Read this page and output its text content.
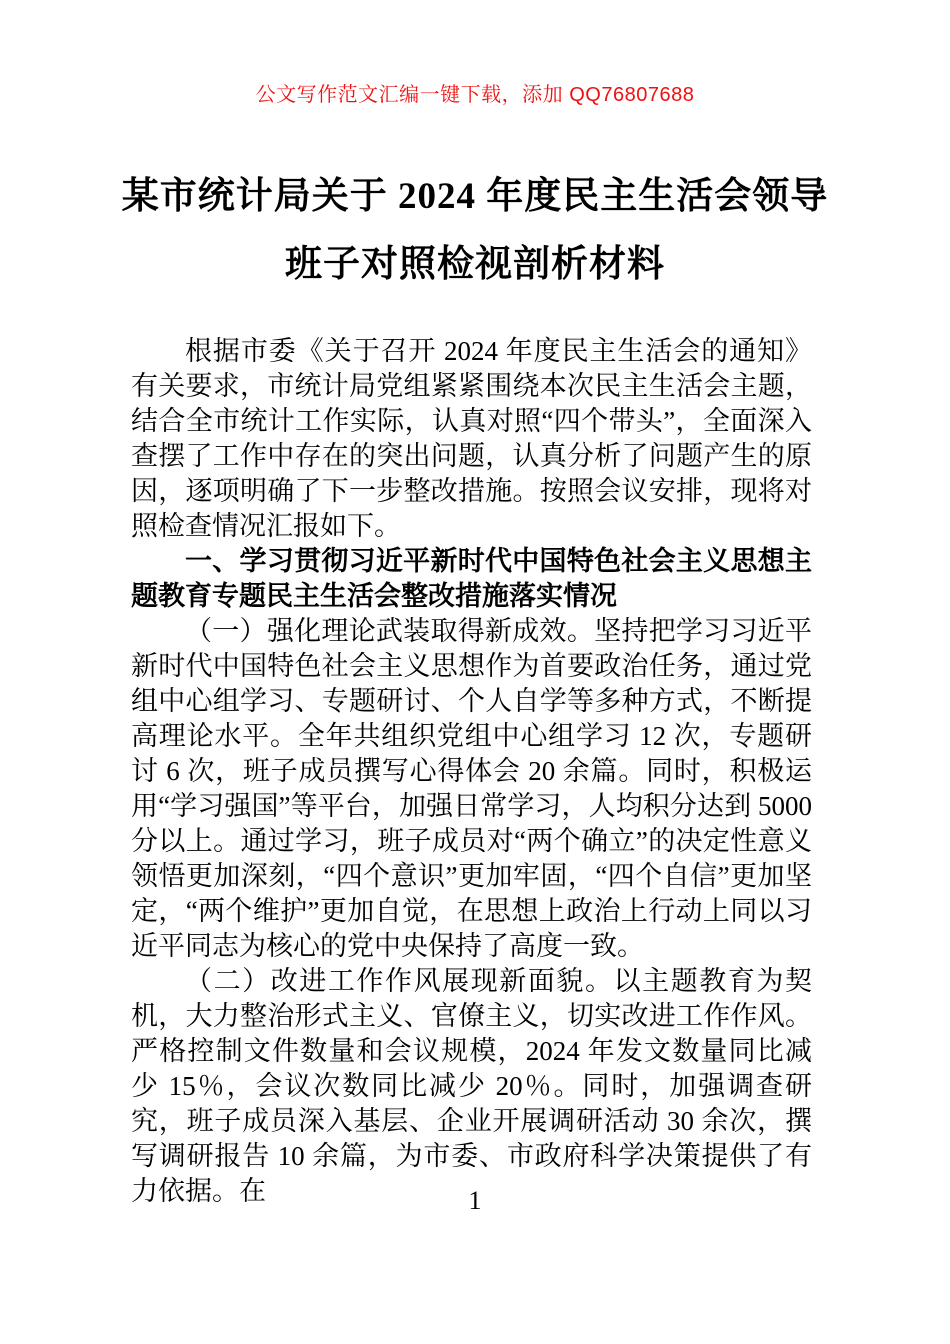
公文写作范文汇编一键下载，添加 QQ76807688
某市统计局关于 2024 年度民主生活会领导
班子对照检视剖析材料

根据市委《关于召开 2024 年度民主生活会的通知》有关要求，市统计局党组紧紧围绕本次民主生活会主题，结合全市统计工作实际，认真对照“四个带头”，全面深入查摆了工作中存在的突出问题，认真分析了问题产生的原因，逐项明确了下一步整改措施。按照会议安排，现将对照检查情况汇报如下。

一、学习贯彻习近平新时代中国特色社会主义思想主题教育专题民主生活会整改措施落实情况

（一）强化理论武装取得新成效。坚持把学习习近平新时代中国特色社会主义思想作为首要政治任务，通过党组中心组学习、专题研讨、个人自学等多种方式，不断提高理论水平。全年共组织党组中心组学习 12 次，专题研讨 6 次，班子成员撰写心得体会 20 余篇。同时，积极运用“学习强国”等平台，加强日常学习，人均积分达到 5000 分以上。通过学习，班子成员对“两个确立”的决定性意义领悟更加深刻，“四个意识”更加牢固，“四个自信”更加坚定，“两个维护”更加自觉，在思想上政治上行动上同以习近平同志为核心的党中央保持了高度一致。

（二）改进工作作风展现新面貌。以主题教育为契机，大力整治形式主义、官僚主义，切实改进工作作风。严格控制文件数量和会议规模，2024 年发文数量同比减少 15％，会议次数同比减少 20％。同时，加强调查研究，班子成员深入基层、企业开展调研活动 30 余次，撰写调研报告 10 余篇，为市委、市政府科学决策提供了有力依据。在	1
